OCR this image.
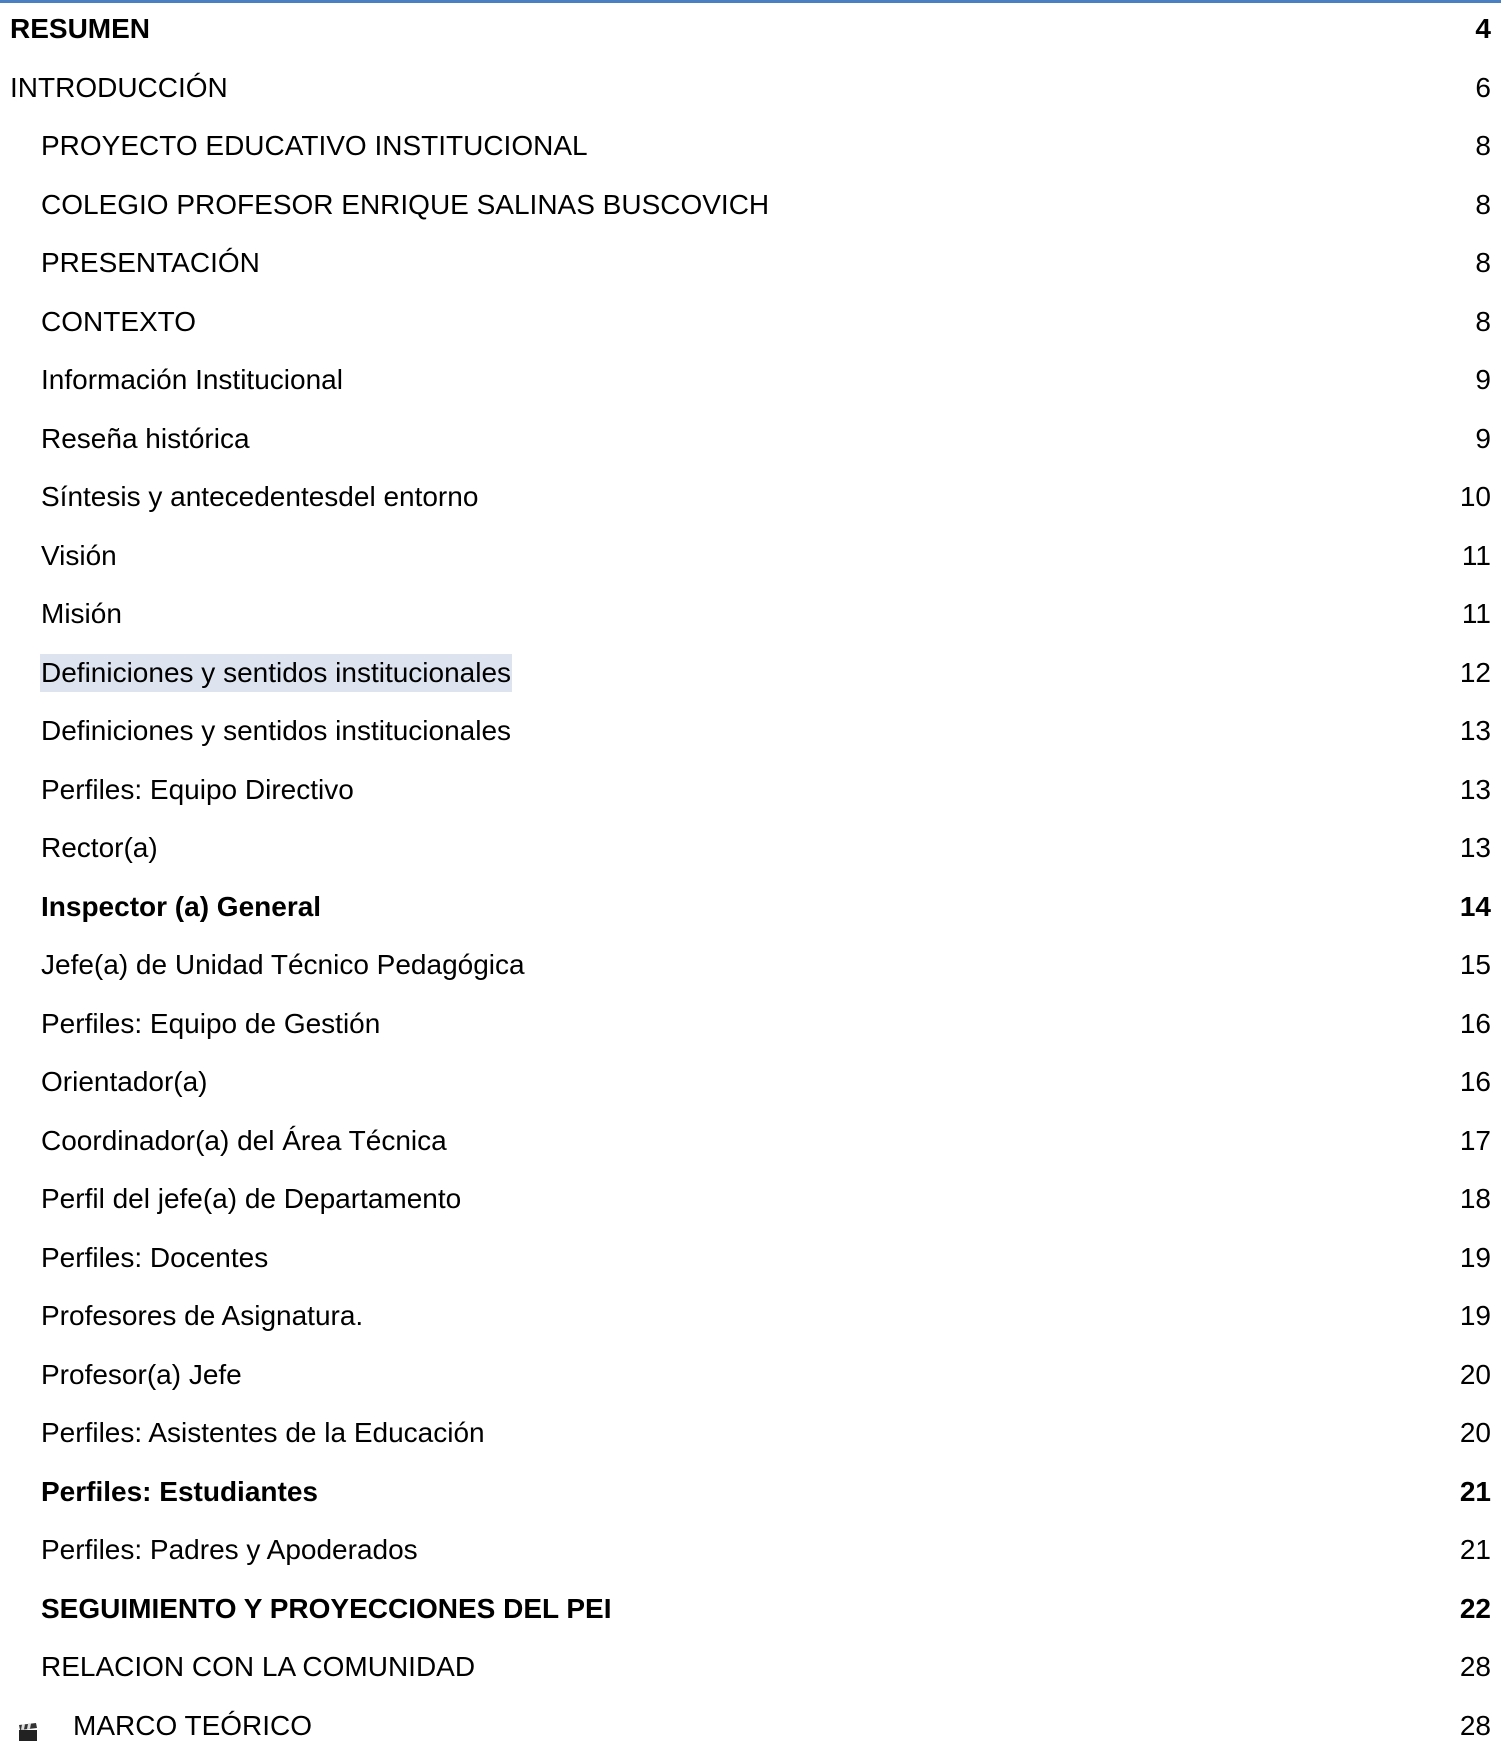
RESUMEN	4
INTRODUCCIÓN	6
PROYECTO EDUCATIVO INSTITUCIONAL	8
COLEGIO PROFESOR ENRIQUE SALINAS BUSCOVICH	8
PRESENTACIÓN	8
CONTEXTO	8
Información Institucional	9
Reseña histórica	9
Síntesis y antecedentesdel entorno	10
Visión	11
Misión	11
Definiciones y sentidos institucionales	12
Definiciones y sentidos institucionales	13
Perfiles: Equipo Directivo	13
Rector(a)	13
Inspector (a) General	14
Jefe(a) de Unidad Técnico Pedagógica	15
Perfiles: Equipo de Gestión	16
Orientador(a)	16
Coordinador(a) del Área Técnica	17
Perfil del jefe(a) de Departamento	18
Perfiles: Docentes	19
Profesores de Asignatura.	19
Profesor(a) Jefe	20
Perfiles: Asistentes de la Educación	20
Perfiles: Estudiantes	21
Perfiles: Padres y Apoderados	21
SEGUIMIENTO Y PROYECCIONES DEL PEI	22
RELACION CON LA COMUNIDAD	28
MARCO TEÓRICO	28
